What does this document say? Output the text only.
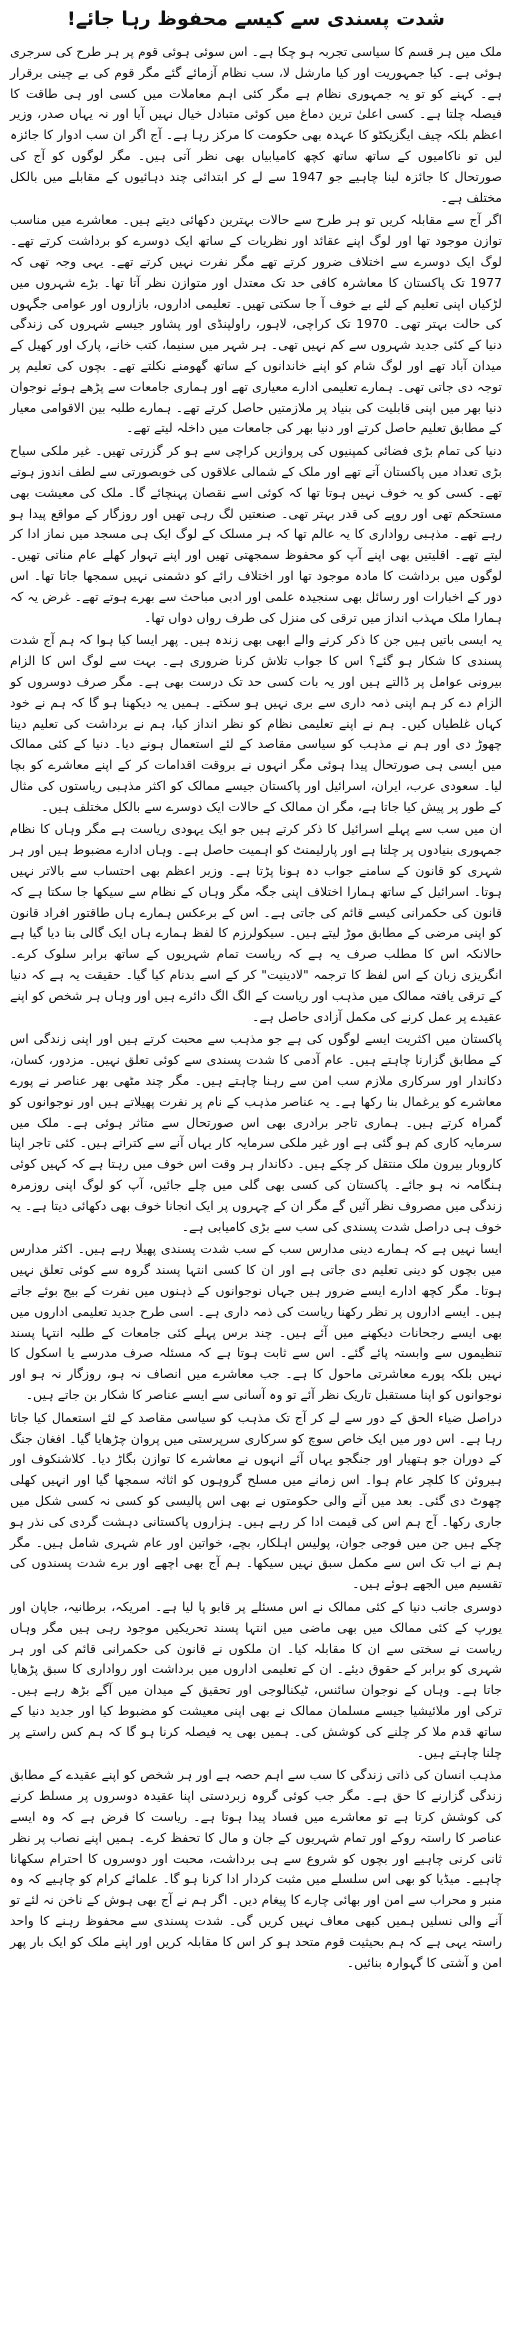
شدت پسندی سے کیسے محفوظ رہا جائے!

ملک میں ہر قسم کا سیاسی تجربہ ہو چکا ہے۔ اس سوئی ہوئی قوم پر ہر طرح کی سرجری ہوئی ہے۔ کیا جمہوریت اور کیا مارشل لا، سب نظام آزمائے گئے مگر قوم کی بے چینی برقرار ہے۔ کہنے کو تو یہ جمہوری نظام ہے مگر کئی اہم معاملات میں کسی اور ہی طاقت کا فیصلہ چلتا ہے۔ کسی اعلیٰ ترین دماغ میں کوئی متبادل خیال نہیں آیا اور نہ یہاں صدر، وزیر اعظم بلکہ چیف ایگزیکٹو کا عہدہ بھی حکومت کا مرکز رہا ہے۔ آج اگر ان سب ادوار کا جائزہ لیں تو ناکامیوں کے ساتھ ساتھ کچھ کامیابیاں بھی نظر آتی ہیں۔ مگر لوگوں کو آج کی صورتحال کا جائزہ لینا چاہیے جو 1947 سے لے کر ابتدائی چند دہائیوں کے مقابلے میں بالکل مختلف ہے۔

اگر آج سے مقابلہ کریں تو ہر طرح سے حالات بہترین دکھائی دیتے ہیں۔ معاشرے میں مناسب توازن موجود تھا اور لوگ اپنے عقائد اور نظریات کے ساتھ ایک دوسرے کو برداشت کرتے تھے۔ لوگ ایک دوسرے سے اختلاف ضرور کرتے تھے مگر نفرت نہیں کرتے تھے۔ یہی وجہ تھی کہ 1977 تک پاکستان کا معاشرہ کافی حد تک معتدل اور متوازن نظر آتا تھا۔ بڑے شہروں میں لڑکیاں اپنی تعلیم کے لئے بے خوف آ جا سکتی تھیں۔ تعلیمی اداروں، بازاروں اور عوامی جگہوں کی حالت بہتر تھی۔ 1970 تک کراچی، لاہور، راولپنڈی اور پشاور جیسے شہروں کی زندگی دنیا کے کئی جدید شہروں سے کم نہیں تھی۔ ہر شہر میں سنیما، کتب خانے، پارک اور کھیل کے میدان آباد تھے اور لوگ شام کو اپنے خاندانوں کے ساتھ گھومنے نکلتے تھے۔ بچوں کی تعلیم پر توجہ دی جاتی تھی۔ ہمارے تعلیمی ادارے معیاری تھے اور ہماری جامعات سے پڑھے ہوئے نوجوان دنیا بھر میں اپنی قابلیت کی بنیاد پر ملازمتیں حاصل کرتے تھے۔ ہمارے طلبہ بین الاقوامی معیار کے مطابق تعلیم حاصل کرتے اور دنیا بھر کی جامعات میں داخلہ لیتے تھے۔

دنیا کی تمام بڑی فضائی کمپنیوں کی پروازیں کراچی سے ہو کر گزرتی تھیں۔ غیر ملکی سیاح بڑی تعداد میں پاکستان آتے تھے اور ملک کے شمالی علاقوں کی خوبصورتی سے لطف اندوز ہوتے تھے۔ کسی کو یہ خوف نہیں ہوتا تھا کہ کوئی اسے نقصان پہنچائے گا۔ ملک کی معیشت بھی مستحکم تھی اور روپے کی قدر بہتر تھی۔ صنعتیں لگ رہی تھیں اور روزگار کے مواقع پیدا ہو رہے تھے۔ مذہبی رواداری کا یہ عالم تھا کہ ہر مسلک کے لوگ ایک ہی مسجد میں نماز ادا کر لیتے تھے۔ اقلیتیں بھی اپنے آپ کو محفوظ سمجھتی تھیں اور اپنے تہوار کھلے عام مناتی تھیں۔ لوگوں میں برداشت کا مادہ موجود تھا اور اختلاف رائے کو دشمنی نہیں سمجھا جاتا تھا۔ اس دور کے اخبارات اور رسائل بھی سنجیدہ علمی اور ادبی مباحث سے بھرے ہوتے تھے۔ غرض یہ کہ ہمارا ملک مہذب انداز میں ترقی کی منزل کی طرف رواں دواں تھا۔

یہ ایسی باتیں ہیں جن کا ذکر کرنے والے ابھی بھی زندہ ہیں۔ پھر ایسا کیا ہوا کہ ہم آج شدت پسندی کا شکار ہو گئے؟ اس کا جواب تلاش کرنا ضروری ہے۔ بہت سے لوگ اس کا الزام بیرونی عوامل پر ڈالتے ہیں اور یہ بات کسی حد تک درست بھی ہے۔ مگر صرف دوسروں کو الزام دے کر ہم اپنی ذمہ داری سے بری نہیں ہو سکتے۔ ہمیں یہ دیکھنا ہو گا کہ ہم نے خود کہاں غلطیاں کیں۔ ہم نے اپنے تعلیمی نظام کو نظر انداز کیا، ہم نے برداشت کی تعلیم دینا چھوڑ دی اور ہم نے مذہب کو سیاسی مقاصد کے لئے استعمال ہونے دیا۔ دنیا کے کئی ممالک میں ایسی ہی صورتحال پیدا ہوئی مگر انہوں نے بروقت اقدامات کر کے اپنے معاشرے کو بچا لیا۔ سعودی عرب، ایران، اسرائیل اور پاکستان جیسے ممالک کو اکثر مذہبی ریاستوں کی مثال کے طور پر پیش کیا جاتا ہے، مگر ان ممالک کے حالات ایک دوسرے سے بالکل مختلف ہیں۔

ان میں سب سے پہلے اسرائیل کا ذکر کرتے ہیں جو ایک یہودی ریاست ہے مگر وہاں کا نظام جمہوری بنیادوں پر چلتا ہے اور پارلیمنٹ کو اہمیت حاصل ہے۔ وہاں ادارے مضبوط ہیں اور ہر شہری کو قانون کے سامنے جواب دہ ہونا پڑتا ہے۔ وزیر اعظم بھی احتساب سے بالاتر نہیں ہوتا۔ اسرائیل کے ساتھ ہمارا اختلاف اپنی جگہ مگر وہاں کے نظام سے سیکھا جا سکتا ہے کہ قانون کی حکمرانی کیسے قائم کی جاتی ہے۔ اس کے برعکس ہمارے ہاں طاقتور افراد قانون کو اپنی مرضی کے مطابق موڑ لیتے ہیں۔ سیکولرزم کا لفظ ہمارے ہاں ایک گالی بنا دیا گیا ہے حالانکہ اس کا مطلب صرف یہ ہے کہ ریاست تمام شہریوں کے ساتھ برابر سلوک کرے۔ انگریزی زبان کے اس لفظ کا ترجمہ "لادینیت" کر کے اسے بدنام کیا گیا۔ حقیقت یہ ہے کہ دنیا کے ترقی یافتہ ممالک میں مذہب اور ریاست کے الگ الگ دائرے ہیں اور وہاں ہر شخص کو اپنے عقیدے پر عمل کرنے کی مکمل آزادی حاصل ہے۔

پاکستان میں اکثریت ایسے لوگوں کی ہے جو مذہب سے محبت کرتے ہیں اور اپنی زندگی اس کے مطابق گزارنا چاہتے ہیں۔ عام آدمی کا شدت پسندی سے کوئی تعلق نہیں۔ مزدور، کسان، دکاندار اور سرکاری ملازم سب امن سے رہنا چاہتے ہیں۔ مگر چند مٹھی بھر عناصر نے پورے معاشرے کو یرغمال بنا رکھا ہے۔ یہ عناصر مذہب کے نام پر نفرت پھیلاتے ہیں اور نوجوانوں کو گمراہ کرتے ہیں۔ ہماری تاجر برادری بھی اس صورتحال سے متاثر ہوئی ہے۔ ملک میں سرمایہ کاری کم ہو گئی ہے اور غیر ملکی سرمایہ کار یہاں آنے سے کتراتے ہیں۔ کئی تاجر اپنا کاروبار بیرون ملک منتقل کر چکے ہیں۔ دکاندار ہر وقت اس خوف میں رہتا ہے کہ کہیں کوئی ہنگامہ نہ ہو جائے۔ پاکستان کی کسی بھی گلی میں چلے جائیں، آپ کو لوگ اپنی روزمرہ زندگی میں مصروف نظر آئیں گے مگر ان کے چہروں پر ایک انجانا خوف بھی دکھائی دیتا ہے۔ یہ خوف ہی دراصل شدت پسندی کی سب سے بڑی کامیابی ہے۔

ایسا نہیں ہے کہ ہمارے دینی مدارس سب کے سب شدت پسندی پھیلا رہے ہیں۔ اکثر مدارس میں بچوں کو دینی تعلیم دی جاتی ہے اور ان کا کسی انتہا پسند گروہ سے کوئی تعلق نہیں ہوتا۔ مگر کچھ ادارے ایسے ضرور ہیں جہاں نوجوانوں کے ذہنوں میں نفرت کے بیج بوئے جاتے ہیں۔ ایسے اداروں پر نظر رکھنا ریاست کی ذمہ داری ہے۔ اسی طرح جدید تعلیمی اداروں میں بھی ایسے رجحانات دیکھنے میں آئے ہیں۔ چند برس پہلے کئی جامعات کے طلبہ انتہا پسند تنظیموں سے وابستہ پائے گئے۔ اس سے ثابت ہوتا ہے کہ مسئلہ صرف مدرسے یا اسکول کا نہیں بلکہ پورے معاشرتی ماحول کا ہے۔ جب معاشرے میں انصاف نہ ہو، روزگار نہ ہو اور نوجوانوں کو اپنا مستقبل تاریک نظر آئے تو وہ آسانی سے ایسے عناصر کا شکار بن جاتے ہیں۔

دراصل ضیاء الحق کے دور سے لے کر آج تک مذہب کو سیاسی مقاصد کے لئے استعمال کیا جاتا رہا ہے۔ اس دور میں ایک خاص سوچ کو سرکاری سرپرستی میں پروان چڑھایا گیا۔ افغان جنگ کے دوران جو ہتھیار اور جنگجو یہاں آئے انہوں نے معاشرے کا توازن بگاڑ دیا۔ کلاشنکوف اور ہیروئن کا کلچر عام ہوا۔ اس زمانے میں مسلح گروہوں کو اثاثہ سمجھا گیا اور انہیں کھلی چھوٹ دی گئی۔ بعد میں آنے والی حکومتوں نے بھی اس پالیسی کو کسی نہ کسی شکل میں جاری رکھا۔ آج ہم اس کی قیمت ادا کر رہے ہیں۔ ہزاروں پاکستانی دہشت گردی کی نذر ہو چکے ہیں جن میں فوجی جوان، پولیس اہلکار، بچے، خواتین اور عام شہری شامل ہیں۔ مگر ہم نے اب تک اس سے مکمل سبق نہیں سیکھا۔ ہم آج بھی اچھے اور برے شدت پسندوں کی تقسیم میں الجھے ہوئے ہیں۔

دوسری جانب دنیا کے کئی ممالک نے اس مسئلے پر قابو پا لیا ہے۔ امریکہ، برطانیہ، جاپان اور یورپ کے کئی ممالک میں بھی ماضی میں انتہا پسند تحریکیں موجود رہی ہیں مگر وہاں ریاست نے سختی سے ان کا مقابلہ کیا۔ ان ملکوں نے قانون کی حکمرانی قائم کی اور ہر شہری کو برابر کے حقوق دیئے۔ ان کے تعلیمی اداروں میں برداشت اور رواداری کا سبق پڑھایا جاتا ہے۔ وہاں کے نوجوان سائنس، ٹیکنالوجی اور تحقیق کے میدان میں آگے بڑھ رہے ہیں۔ ترکی اور ملائیشیا جیسے مسلمان ممالک نے بھی اپنی معیشت کو مضبوط کیا اور جدید دنیا کے ساتھ قدم ملا کر چلنے کی کوشش کی۔ ہمیں بھی یہ فیصلہ کرنا ہو گا کہ ہم کس راستے پر چلنا چاہتے ہیں۔

مذہب انسان کی ذاتی زندگی کا سب سے اہم حصہ ہے اور ہر شخص کو اپنے عقیدے کے مطابق زندگی گزارنے کا حق ہے۔ مگر جب کوئی گروہ زبردستی اپنا عقیدہ دوسروں پر مسلط کرنے کی کوشش کرتا ہے تو معاشرے میں فساد پیدا ہوتا ہے۔ ریاست کا فرض ہے کہ وہ ایسے عناصر کا راستہ روکے اور تمام شہریوں کے جان و مال کا تحفظ کرے۔ ہمیں اپنے نصاب پر نظر ثانی کرنی چاہیے اور بچوں کو شروع سے ہی برداشت، محبت اور دوسروں کا احترام سکھانا چاہیے۔ میڈیا کو بھی اس سلسلے میں مثبت کردار ادا کرنا ہو گا۔ علمائے کرام کو چاہیے کہ وہ منبر و محراب سے امن اور بھائی چارے کا پیغام دیں۔ اگر ہم نے آج بھی ہوش کے ناخن نہ لئے تو آنے والی نسلیں ہمیں کبھی معاف نہیں کریں گی۔ شدت پسندی سے محفوظ رہنے کا واحد راستہ یہی ہے کہ ہم بحیثیت قوم متحد ہو کر اس کا مقابلہ کریں اور اپنے ملک کو ایک بار پھر امن و آشتی کا گہوارہ بنائیں۔
